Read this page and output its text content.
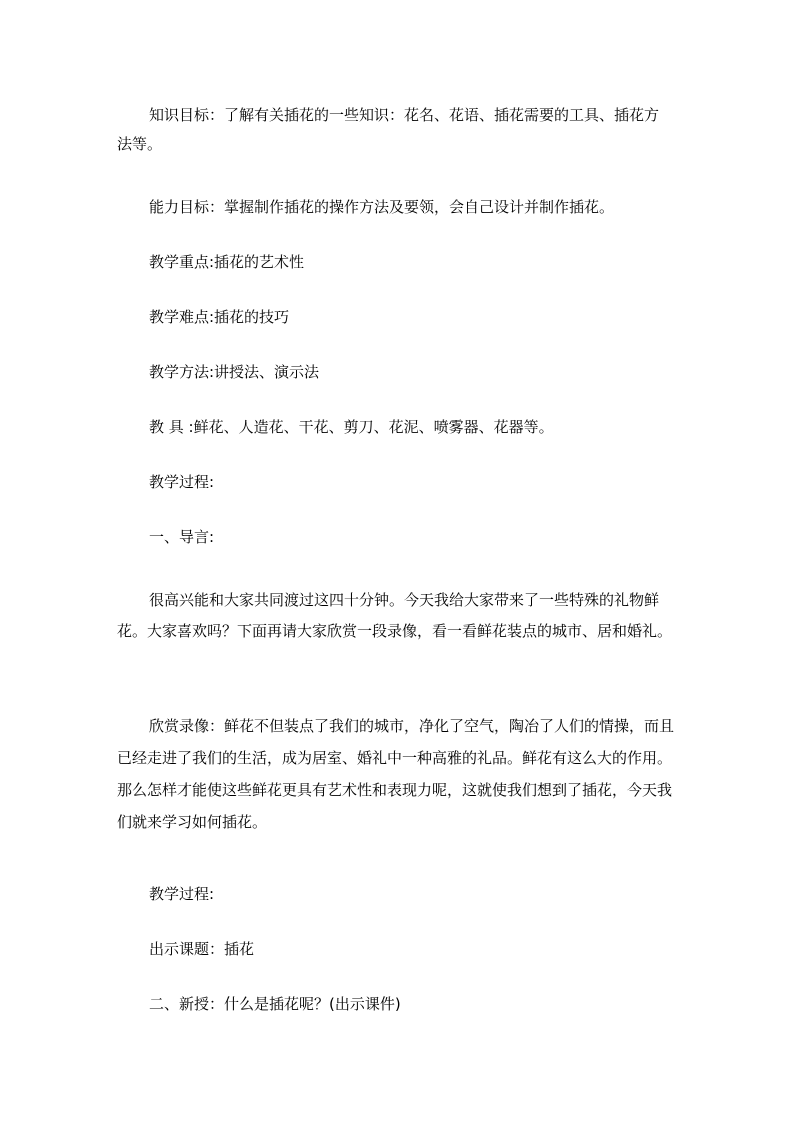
知识目标：了解有关插花的一些知识：花名、花语、插花需要的工具、插花方 法等。

能力目标：掌握制作插花的操作方法及要领，会自己设计并制作插花。

教学重点:插花的艺术性

教学难点:插花的技巧

教学方法:讲授法、演示法

教 具 :鲜花、人造花、干花、剪刀、花泥、喷雾器、花器等。

教学过程:

一、导言:

很高兴能和大家共同渡过这四十分钟。今天我给大家带来了一些特殊的礼物鲜花。大家喜欢吗？下面再请大家欣赏一段录像，看一看鲜花装点的城市、居和婚礼。

欣赏录像：鲜花不但装点了我们的城市，净化了空气，陶冶了人们的情操，而且已经走进了我们的生活，成为居室、婚礼中一种高雅的礼品。鲜花有这么大的作用。那么怎样才能使这些鲜花更具有艺术性和表现力呢，这就使我们想到了插花，今天我们就来学习如何插花。

教学过程:

出示课题：插花

二、新授：什么是插花呢？(出示课件)
